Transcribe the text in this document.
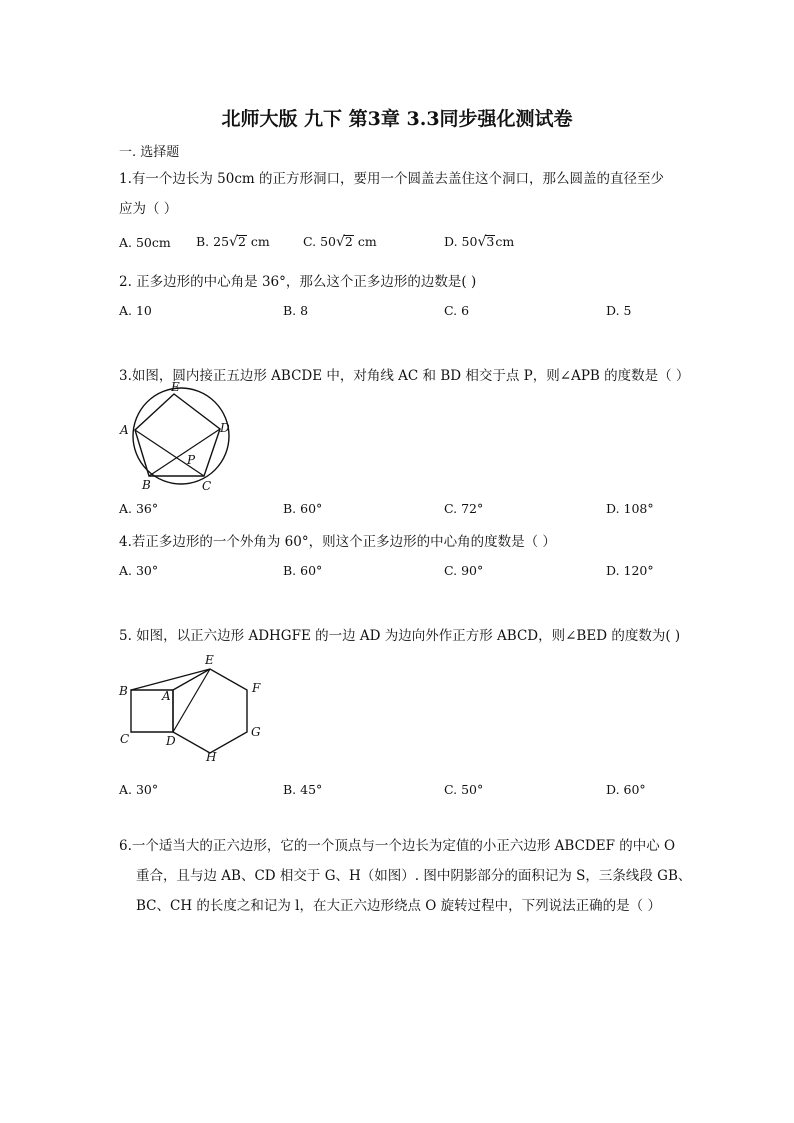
北师大版 九下 第3章 3.3同步强化测试卷
一. 选择题
1.有一个边长为 50cm 的正方形洞口，要用一个圆盖去盖住这个洞口，那么圆盖的直径至少
应为（ ）
A. 50cm B. 25√2 cm	C. 50√2 cm	D. 50√3cm
2. 正多边形的中心角是 36°，那么这个正多边形的边数是( )
A. 10	B. 8	C. 6	D. 5
3.如图，圆内接正五边形 ABCDE 中，对角线 AC 和 BD 相交于点 P，则∠APB 的度数是（ ）
E
A	D
P
B	C
A. 36°	B. 60°	C. 72°	D. 108°
4.若正多边形的一个外角为 60°，则这个正多边形的中心角的度数是（ ）
A. 30°	B. 60°	C. 90°	D. 120°
5. 如图，以正六边形 ADHGFE 的一边 AD 为边向外作正方形 ABCD，则∠BED 的度数为( )
E
F
B	A
C	D
G
H
A. 30°	B. 45°	C. 50°	D. 60°
6.一个适当大的正六边形，它的一个顶点与一个边长为定值的小正六边形 ABCDEF 的中心 O
重合，且与边 AB、CD 相交于 G、H（如图）. 图中阴影部分的面积记为 S，三条线段 GB、
BC、CH 的长度之和记为 l，在大正六边形绕点 O 旋转过程中，下列说法正确的是（ ）
